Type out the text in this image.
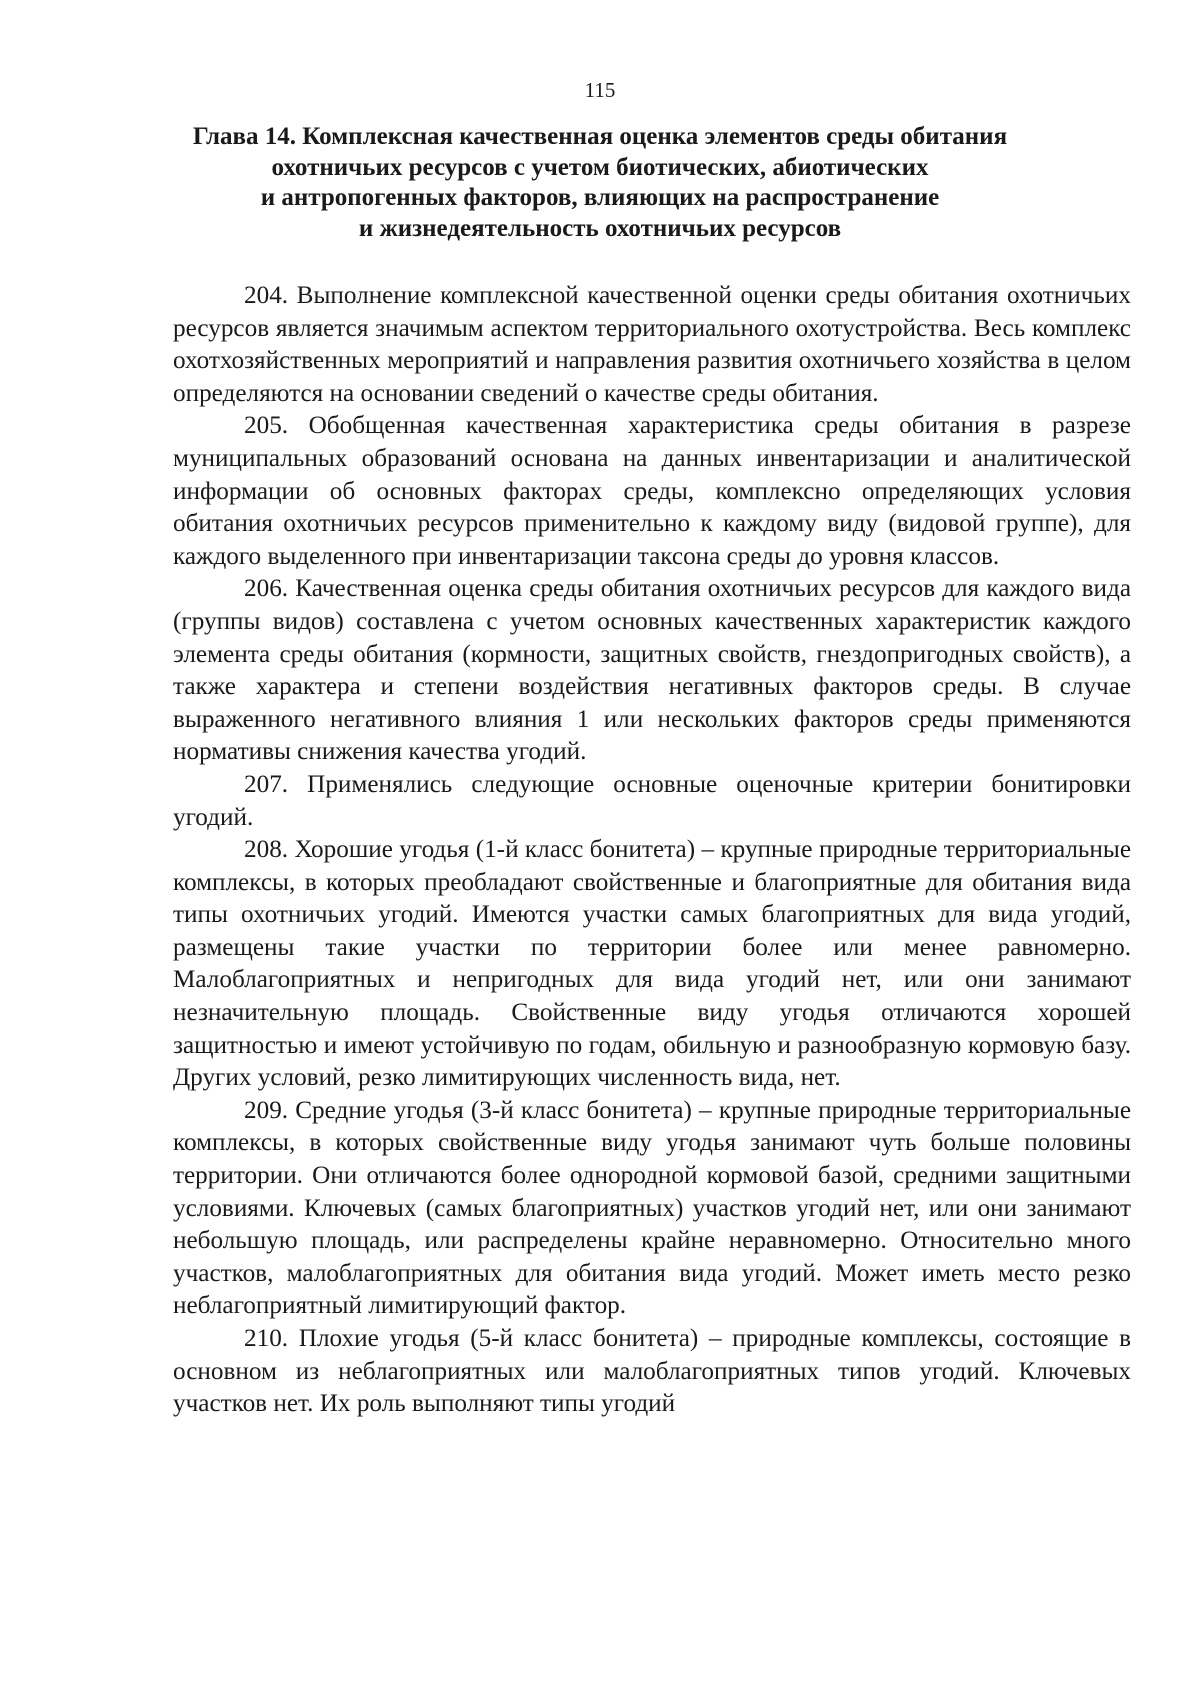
115
Глава 14. Комплексная качественная оценка элементов среды обитания
охотничьих ресурсов с учетом биотических, абиотических
и антропогенных факторов, влияющих на распространение
и жизнедеятельность охотничьих ресурсов

204. Выполнение комплексной качественной оценки среды обитания охотничьих ресурсов является значимым аспектом территориального охотустройства. Весь комплекс охотхозяйственных мероприятий и направления развития охотничьего хозяйства в целом определяются на основании сведений о качестве среды обитания.

205. Обобщенная качественная характеристика среды обитания в разрезе муниципальных образований основана на данных инвентаризации и аналитической информации об основных факторах среды, комплексно определяющих условия обитания охотничьих ресурсов применительно к каждому виду (видовой группе), для каждого выделенного при инвентаризации таксона среды до уровня классов.

206. Качественная оценка среды обитания охотничьих ресурсов для каждого вида (группы видов) составлена с учетом основных качественных характеристик каждого элемента среды обитания (кормности, защитных свойств, гнездопригодных свойств), а также характера и степени воздействия негативных факторов среды. В случае выраженного негативного влияния 1 или нескольких факторов среды применяются нормативы снижения качества угодий.

207. Применялись следующие основные оценочные критерии бонитировки угодий.

208. Хорошие угодья (1-й класс бонитета) – крупные природные территориальные комплексы, в которых преобладают свойственные и благоприятные для обитания вида типы охотничьих угодий. Имеются участки самых благоприятных для вида угодий, размещены такие участки по территории более или менее равномерно. Малоблагоприятных и непригодных для вида угодий нет, или они занимают незначительную площадь. Свойственные виду угодья отличаются хорошей защитностью и имеют устойчивую по годам, обильную и разнообразную кормовую базу. Других условий, резко лимитирующих численность вида, нет.

209. Средние угодья (3-й класс бонитета) – крупные природные территориальные комплексы, в которых свойственные виду угодья занимают чуть больше половины территории. Они отличаются более однородной кормовой базой, средними защитными условиями. Ключевых (самых благоприятных) участков угодий нет, или они занимают небольшую площадь, или распределены крайне неравномерно. Относительно много участков, малоблагоприятных для обитания вида угодий. Может иметь место резко неблагоприятный лимитирующий фактор.

210. Плохие угодья (5-й класс бонитета) – природные комплексы, состоящие в основном из неблагоприятных или малоблагоприятных типов угодий. Ключевых участков нет. Их роль выполняют типы угодий
